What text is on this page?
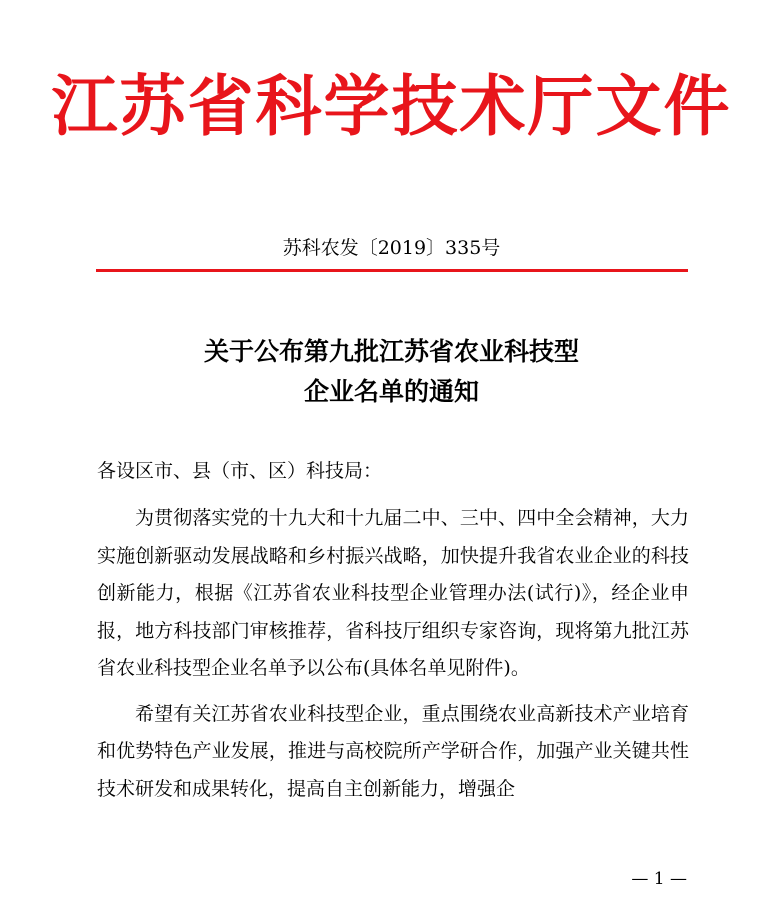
江苏省科学技术厅文件
苏科农发〔2019〕335号
关于公布第九批江苏省农业科技型
企业名单的通知
各设区市、县（市、区）科技局：

为贯彻落实党的十九大和十九届二中、三中、四中全会精神，大力实施创新驱动发展战略和乡村振兴战略，加快提升我省农业企业的科技创新能力，根据《江苏省农业科技型企业管理办法(试行)》，经企业申报，地方科技部门审核推荐，省科技厅组织专家咨询，现将第九批江苏省农业科技型企业名单予以公布(具体名单见附件)。

希望有关江苏省农业科技型企业，重点围绕农业高新技术产业培育和优势特色产业发展，推进与高校院所产学研合作，加强产业关键共性技术研发和成果转化，提高自主创新能力，增强企

— 1 —
